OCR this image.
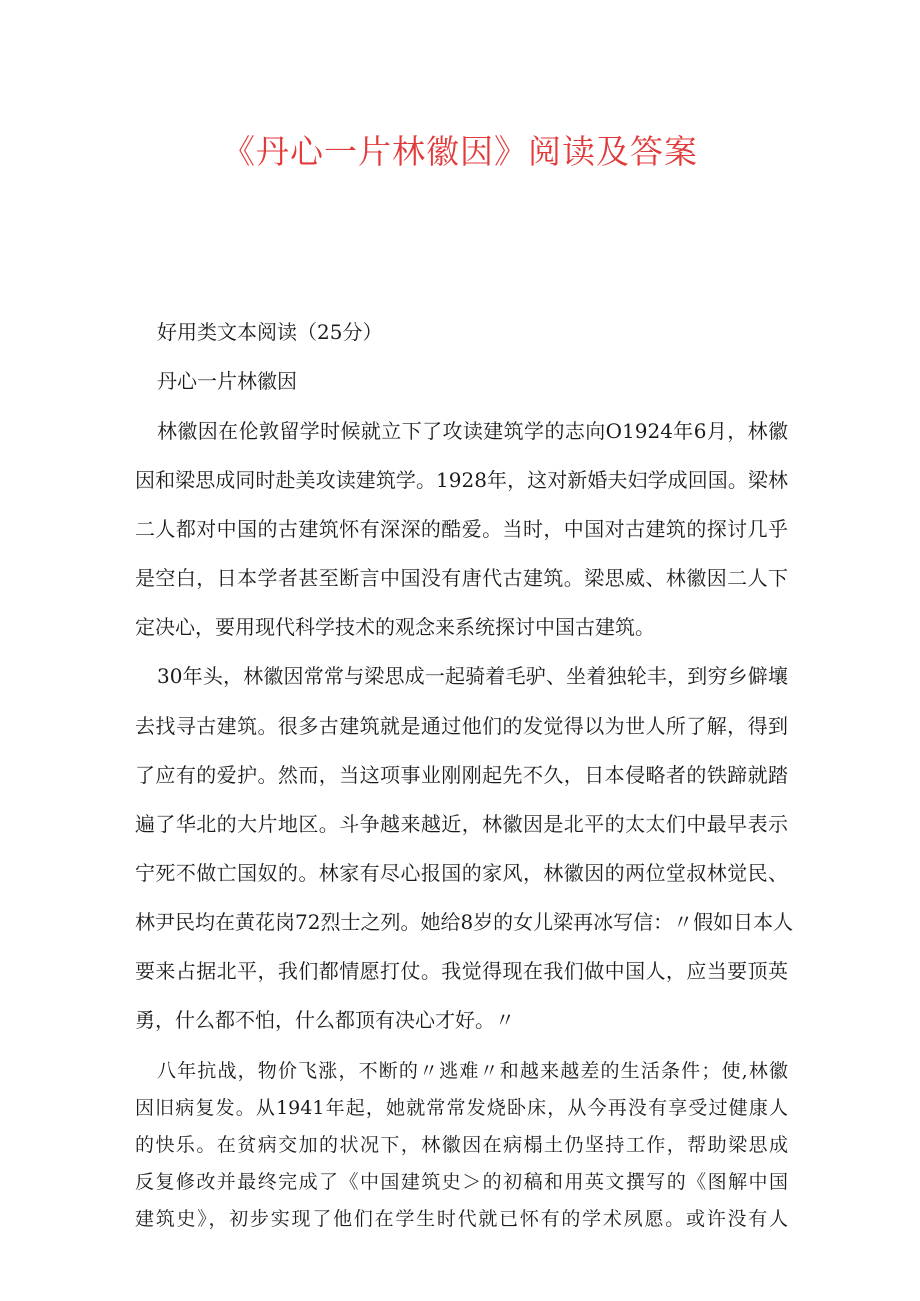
《丹心一片林徽因》阅读及答案

好用类文本阅读（25分）

丹心一片林徽因

林徽因在伦敦留学时候就立下了攻读建筑学的志向O1924年6月，林徽

因和梁思成同时赴美攻读建筑学。1928年，这对新婚夫妇学成回国。梁林

二人都对中国的古建筑怀有深深的酷爱。当时，中国对古建筑的探讨几乎

是空白，日本学者甚至断言中国没有唐代古建筑。梁思威、林徽因二人下

定决心，要用现代科学技术的观念来系统探讨中国古建筑。

30年头，林徽因常常与梁思成一起骑着毛驴、坐着独轮丰，到穷乡僻壤

去找寻古建筑。很多古建筑就是通过他们的发觉得以为世人所了解，得到

了应有的爱护。然而，当这项事业刚刚起先不久，日本侵略者的铁蹄就踏

遍了华北的大片地区。斗争越来越近，林徽因是北平的太太们中最早表示

宁死不做亡国奴的。林家有尽心报国的家风，林徽因的两位堂叔林觉民、

林尹民均在黄花岗72烈士之列。她给8岁的女儿梁再冰写信：〃假如日本人

要来占据北平，我们都情愿打仗。我觉得现在我们做中国人，应当要顶英

勇，什么都不怕，什么都顶有决心才好。〃

八年抗战，物价飞涨，不断的〃逃难〃和越来越差的生活条件；使,林徽

因旧病复发。从1941年起，她就常常发烧卧床，从今再没有享受过健康人

的快乐。在贫病交加的状况下，林徽因在病榻土仍坚持工作，帮助梁思成

反复修改并最终完成了《中国建筑史＞的初稿和用英文撰写的《图解中国

建筑史》，初步实现了他们在学生时代就已怀有的学术夙愿。或许没有人
